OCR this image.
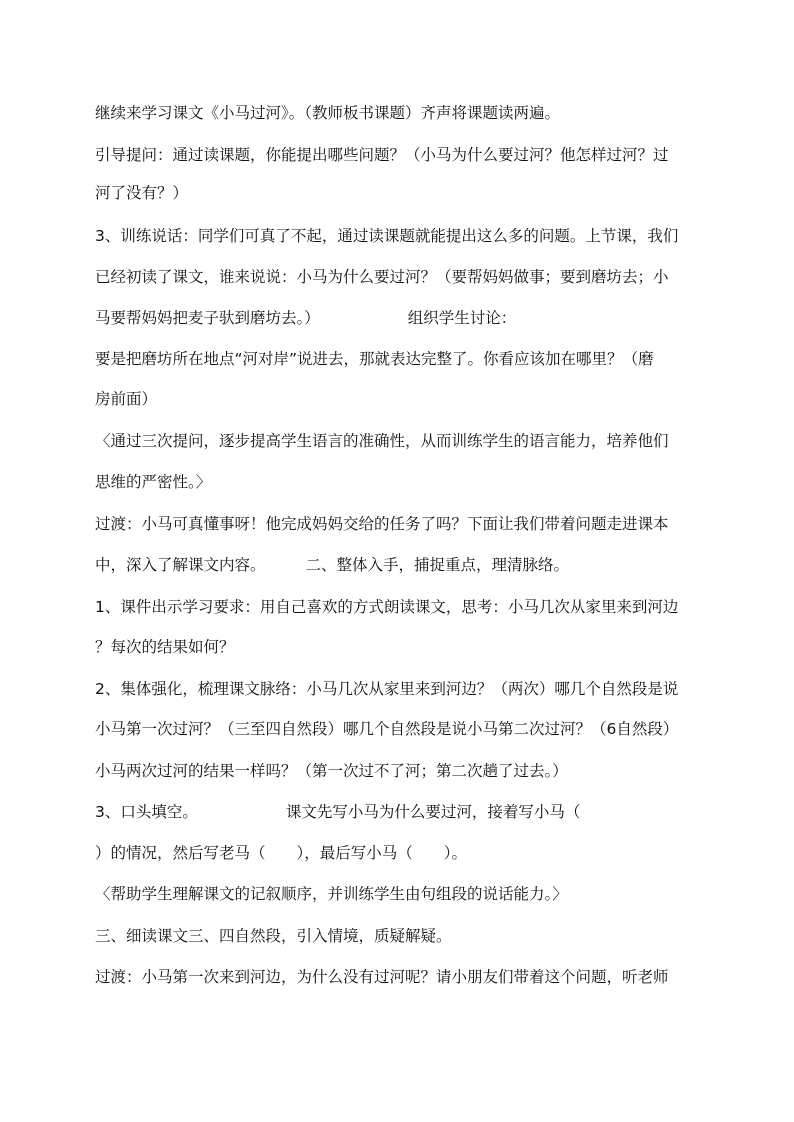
继续来学习课文《小马过河》。（教师板书课题）齐声将课题读两遍。
引导提问：通过读课题，你能提出哪些问题？（小马为什么要过河？他怎样过河？过
河了没有？）
3、训练说话：同学们可真了不起，通过读课题就能提出这么多的问题。上节课，我们
已经初读了课文，谁来说说：小马为什么要过河？（要帮妈妈做事；要到磨坊去；小
马要帮妈妈把麦子驮到磨坊去。）	组织学生讨论：
要是把磨坊所在地点“河对岸”说进去，那就表达完整了。你看应该加在哪里？（磨
房前面）
〈通过三次提问，逐步提高学生语言的准确性，从而训练学生的语言能力，培养他们
思维的严密性。〉
过渡：小马可真懂事呀！他完成妈妈交给的任务了吗？下面让我们带着问题走进课本
中，深入了解课文内容。	二、整体入手，捕捉重点，理清脉络。
1、课件出示学习要求：用自己喜欢的方式朗读课文，思考：小马几次从家里来到河边
？每次的结果如何？
2、集体强化，梳理课文脉络：小马几次从家里来到河边？（两次）哪几个自然段是说
小马第一次过河？（三至四自然段）哪几个自然段是说小马第二次过河？（6自然段）
小马两次过河的结果一样吗？（第一次过不了河；第二次趟了过去。）
3、口头填空。	课文先写小马为什么要过河，接着写小马（
）的情况，然后写老马（　　），最后写小马（　　）。
〈帮助学生理解课文的记叙顺序，并训练学生由句组段的说话能力。〉
三、细读课文三、四自然段，引入情境，质疑解疑。
过渡：小马第一次来到河边，为什么没有过河呢？请小朋友们带着这个问题，听老师
